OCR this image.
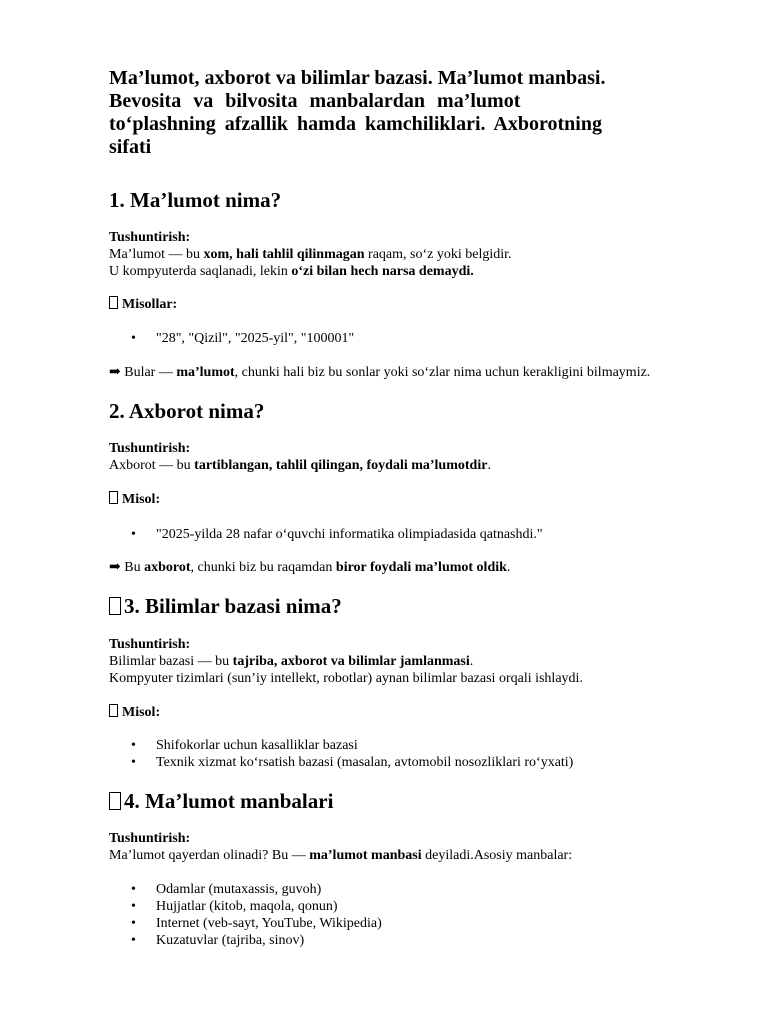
Ma’lumot, axborot va bilimlar bazasi. Ma’lumot manbasi.
Bevosita va bilvosita manbalardan ma’lumot
to‘plashning afzallik hamda kamchiliklari. Axborotning
sifati
1. Ma’lumot nima?
Tushuntirish:
Ma’lumot — bu xom, hali tahlil qilinmagan raqam, so‘z yoki belgidir.
U kompyuterda saqlanadi, lekin o‘zi bilan hech narsa demaydi.
Misollar:
• "28", "Qizil", "2025-yil", "100001"
➡ Bular — ma’lumot, chunki hali biz bu sonlar yoki so‘zlar nima uchun kerakligini bilmaymiz.
2. Axborot nima?
Tushuntirish:
Axborot — bu tartiblangan, tahlil qilingan, foydali ma’lumotdir.
Misol:
• "2025-yilda 28 nafar o‘quvchi informatika olimpiadasida qatnashdi."
➡ Bu axborot, chunki biz bu raqamdan biror foydali ma’lumot oldik.
3. Bilimlar bazasi nima?
Tushuntirish:
Bilimlar bazasi — bu tajriba, axborot va bilimlar jamlanmasi.
Kompyuter tizimlari (sun’iy intellekt, robotlar) aynan bilimlar bazasi orqali ishlaydi.
Misol:
• Shifokorlar uchun kasalliklar bazasi
• Texnik xizmat ko‘rsatish bazasi (masalan, avtomobil nosozliklari ro‘yxati)
4. Ma’lumot manbalari
Tushuntirish:
Ma’lumot qayerdan olinadi? Bu — ma’lumot manbasi deyiladi.Asosiy manbalar:
• Odamlar (mutaxassis, guvoh)
• Hujjatlar (kitob, maqola, qonun)
• Internet (veb-sayt, YouTube, Wikipedia)
• Kuzatuvlar (tajriba, sinov)
